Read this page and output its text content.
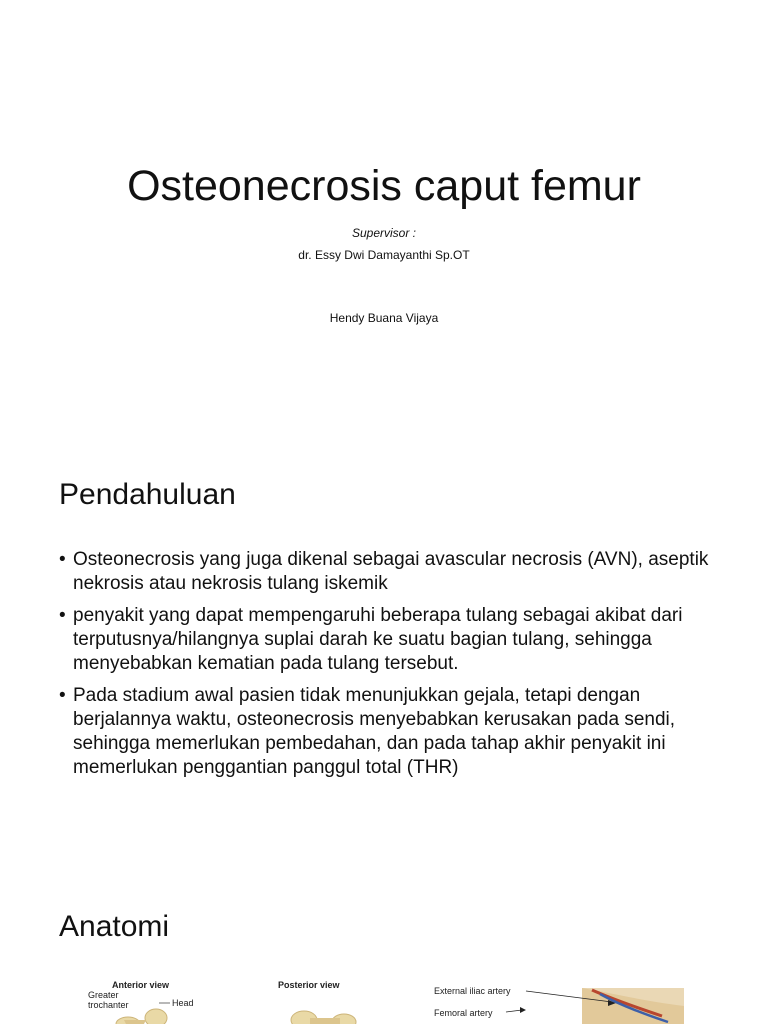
Osteonecrosis caput femur
Supervisor :
dr. Essy Dwi Damayanthi Sp.OT
Hendy Buana Vijaya
Pendahuluan
• Osteonecrosis yang juga dikenal sebagai avascular necrosis (AVN), aseptik nekrosis atau nekrosis tulang iskemik
• penyakit yang dapat mempengaruhi beberapa tulang sebagai akibat dari terputusnya/hilangnya suplai darah ke suatu bagian tulang, sehingga menyebabkan kematian pada tulang tersebut.
• Pada stadium awal pasien tidak menunjukkan gejala, tetapi dengan berjalannya waktu, osteonecrosis menyebabkan kerusakan pada sendi, sehingga memerlukan pembedahan, dan pada tahap akhir penyakit ini memerlukan penggantian panggul total (THR)
Anatomi
Anterior view
Greater trochanter	Head
Posterior view
External iliac artery
Femoral artery
